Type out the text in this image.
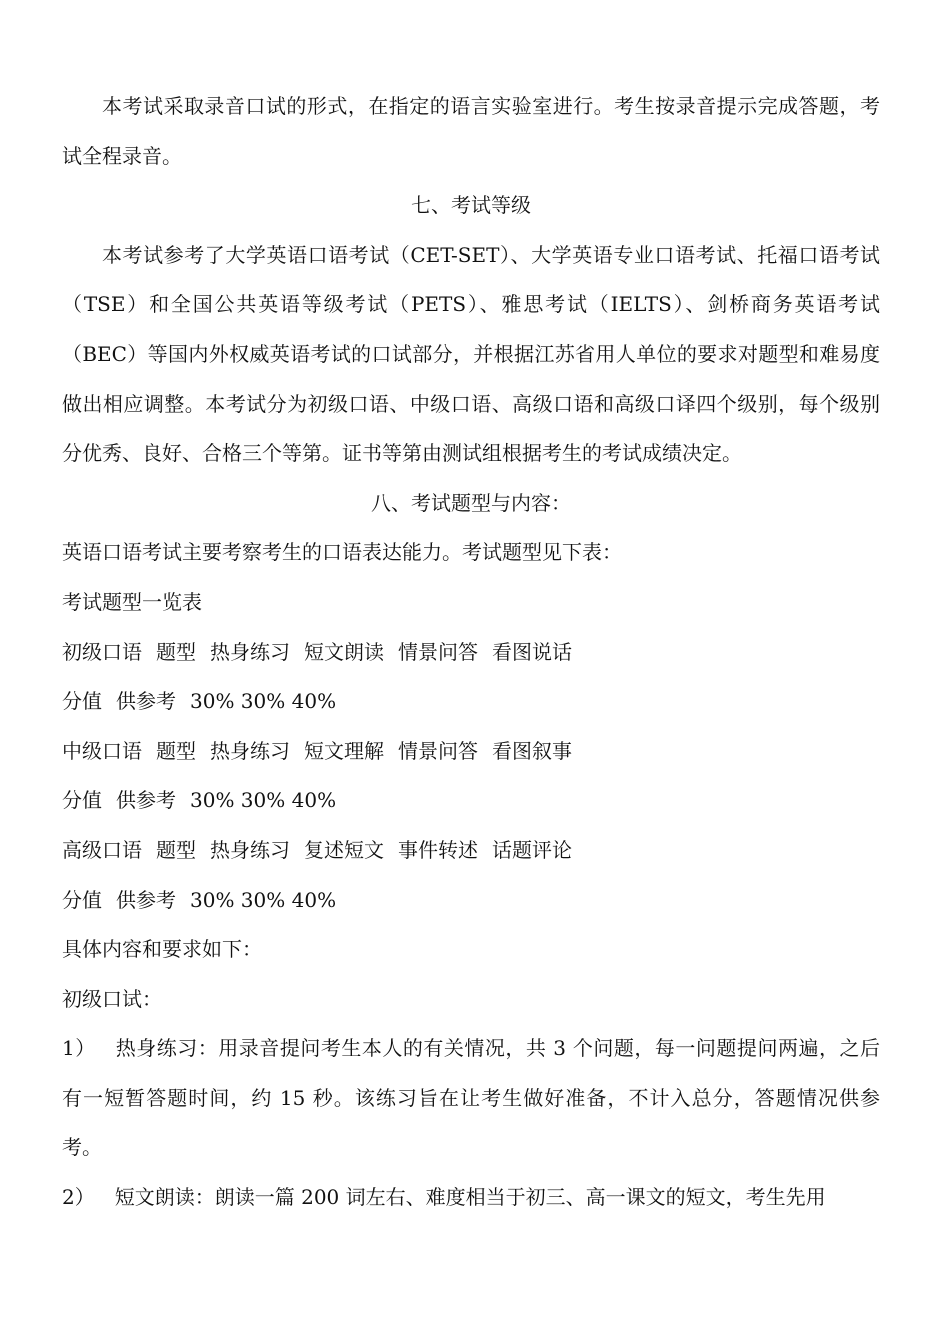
本考试采取录音口试的形式，在指定的语言实验室进行。考生按录音提示完成答题，考试全程录音。

七、考试等级

本考试参考了大学英语口语考试（CET-SET）、大学英语专业口语考试、托福口语考试（TSE）和全国公共英语等级考试（PETS）、雅思考试（IELTS）、剑桥商务英语考试（BEC）等国内外权威英语考试的口试部分，并根据江苏省用人单位的要求对题型和难易度做出相应调整。本考试分为初级口语、中级口语、高级口语和高级口译四个级别，每个级别分优秀、良好、合格三个等第。证书等第由测试组根据考生的考试成绩决定。

八、考试题型与内容：

英语口语考试主要考察考生的口语表达能力。考试题型见下表：

考试题型一览表

初级口语 题型 热身练习 短文朗读 情景问答 看图说话
分值 供参考 30% 30% 40%
中级口语 题型 热身练习 短文理解 情景问答 看图叙事
分值 供参考 30% 30% 40%
高级口语 题型 热身练习 复述短文 事件转述 话题评论
分值 供参考 30% 30% 40%

具体内容和要求如下：

初级口试：

1） 热身练习：用录音提问考生本人的有关情况，共 3 个问题，每一问题提问两遍，之后有一短暂答题时间，约 15 秒。该练习旨在让考生做好准备，不计入总分，答题情况供参考。

2） 短文朗读：朗读一篇 200 词左右、难度相当于初三、高一课文的短文，考生先用
